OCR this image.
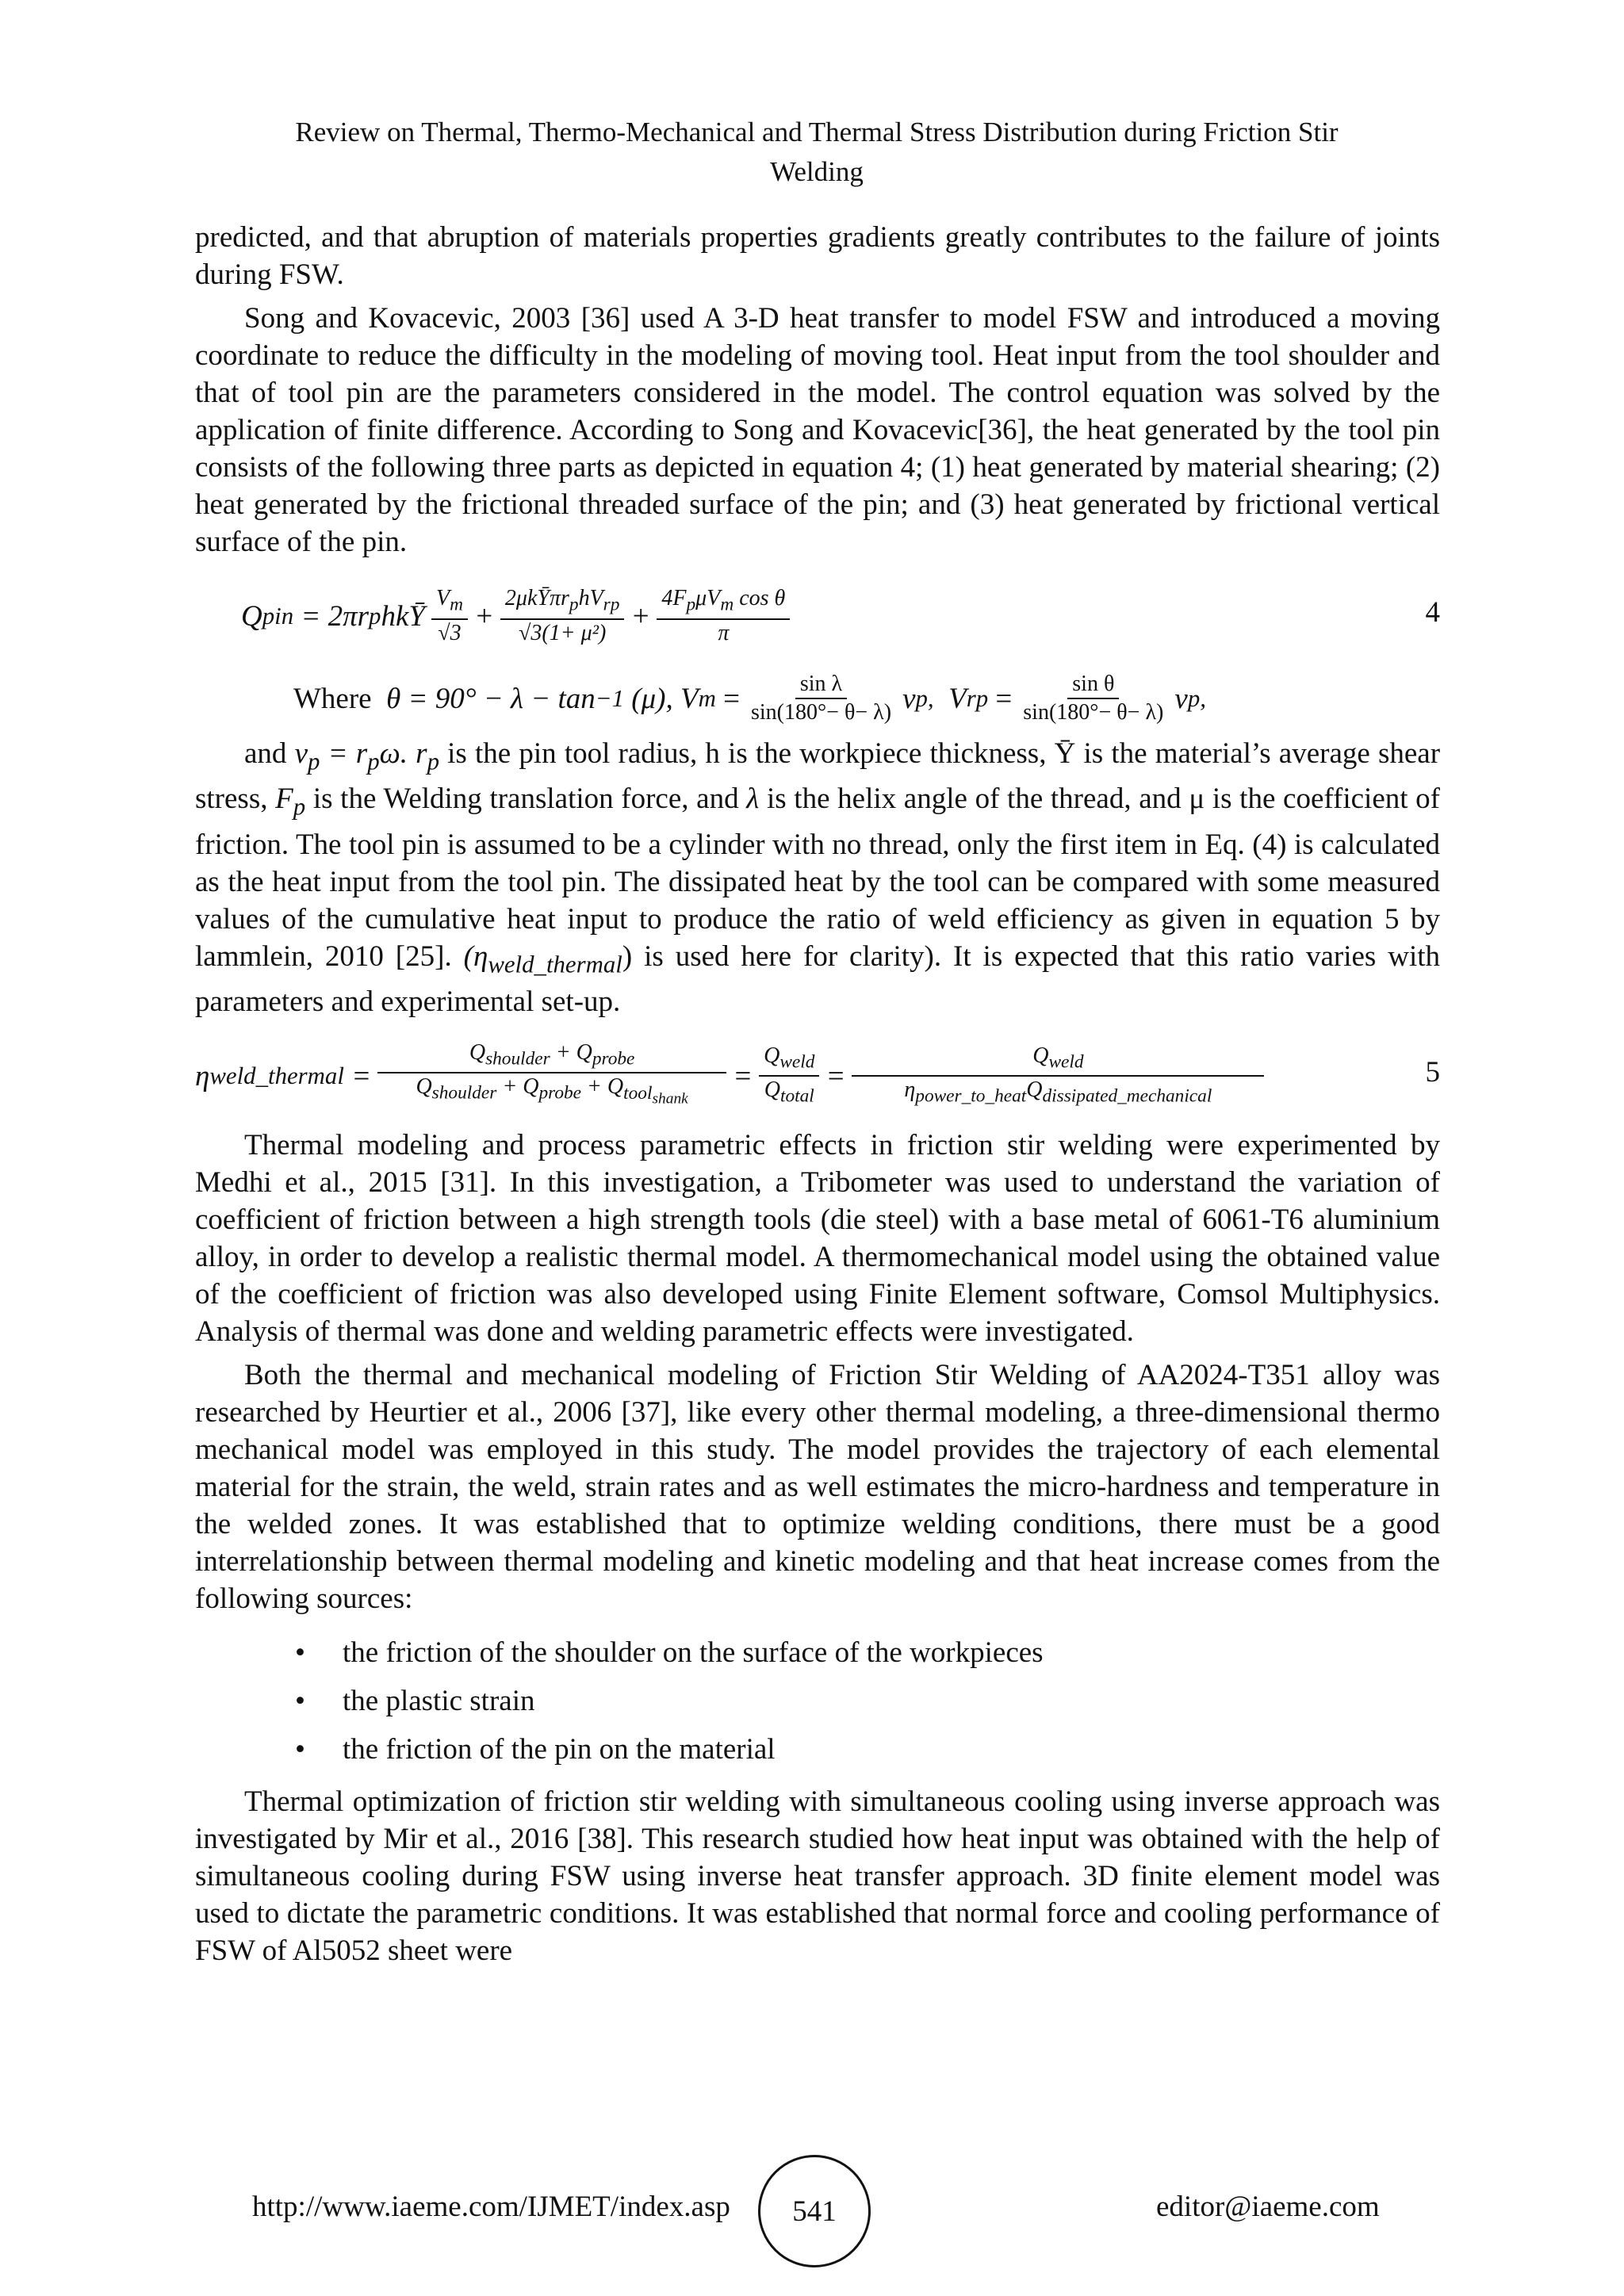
Review on Thermal, Thermo-Mechanical and Thermal Stress Distribution during Friction Stir
Welding

predicted, and that abruption of materials properties gradients greatly contributes to the failure of joints during FSW.

Song and Kovacevic, 2003 [36] used A 3-D heat transfer to model FSW and introduced a moving coordinate to reduce the difficulty in the modeling of moving tool. Heat input from the tool shoulder and that of tool pin are the parameters considered in the model. The control equation was solved by the application of finite difference. According to Song and Kovacevic[36], the heat generated by the tool pin consists of the following three parts as depicted in equation 4; (1) heat generated by material shearing; (2) heat generated by the frictional threaded surface of the pin; and (3) heat generated by frictional vertical surface of the pin.

Q pin
= 2πr p hkȲ $\frac{V_m}{√3} + \frac{2\mu kȲ\pi r_phV_{rp}}{\text{√3(1+ μ²)}} + \frac{4F_p\mu V_m \cos \theta}{\pi}$	4
Where
θ = 90° − λ − tan −1
(μ),
V m
= $\frac{\text{sin λ}}{\sin(180^\circ- \theta- \lambda)}$ v p,
V rp
= $\frac{\text{sin θ}}{\sin(180^\circ- \theta- \lambda)}$ v p,

and $v_p = r_p\omega$. $r_p$ is the pin tool radius, h is the workpiece thickness, Ȳ is the material’s average shear stress, $F_p$ is the Welding translation force, and λ is the helix angle of the thread, and μ is the coefficient of friction. The tool pin is assumed to be a cylinder with no thread, only the first item in Eq. (4) is calculated as the heat input from the tool pin. The dissipated heat by the tool can be compared with some measured values of the cumulative heat input to produce the ratio of weld efficiency as given in equation 5 by lammlein, 2010 [25]. $(\eta_{weld\_thermal})$ is used here for clarity). It is expected that this ratio varies with parameters and experimental set-up.

η weld_thermal
= $\frac{Q_{shoulder} + Q_{probe}}{Q_{shoulder} + Q_{probe} + Q_{tool_{shank}}} = \frac{Q_{weld}}{Q_{total}} = \frac{Q_{weld}}{\eta_{power\_to\_heat}Q_{dissipated\_mechanical}}$	5

Thermal modeling and process parametric effects in friction stir welding were experimented by Medhi et al., 2015 [31]. In this investigation, a Tribometer was used to understand the variation of coefficient of friction between a high strength tools (die steel) with a base metal of 6061-T6 aluminium alloy, in order to develop a realistic thermal model. A thermomechanical model using the obtained value of the coefficient of friction was also developed using Finite Element software, Comsol Multiphysics. Analysis of thermal was done and welding parametric effects were investigated.

Both the thermal and mechanical modeling of Friction Stir Welding of AA2024-T351 alloy was researched by Heurtier et al., 2006 [37], like every other thermal modeling, a three-dimensional thermo mechanical model was employed in this study. The model provides the trajectory of each elemental material for the strain, the weld, strain rates and as well estimates the micro-hardness and temperature in the welded zones. It was established that to optimize welding conditions, there must be a good interrelationship between thermal modeling and kinetic modeling and that heat increase comes from the following sources:

• the friction of the shoulder on the surface of the workpieces
• the plastic strain
• the friction of the pin on the material

Thermal optimization of friction stir welding with simultaneous cooling using inverse approach was investigated by Mir et al., 2016 [38]. This research studied how heat input was obtained with the help of simultaneous cooling during FSW using inverse heat transfer approach. 3D finite element model was used to dictate the parametric conditions. It was established that normal force and cooling performance of FSW of Al5052 sheet were

http://www.iaeme.com/IJMET/index.asp 541	editor@iaeme.com
